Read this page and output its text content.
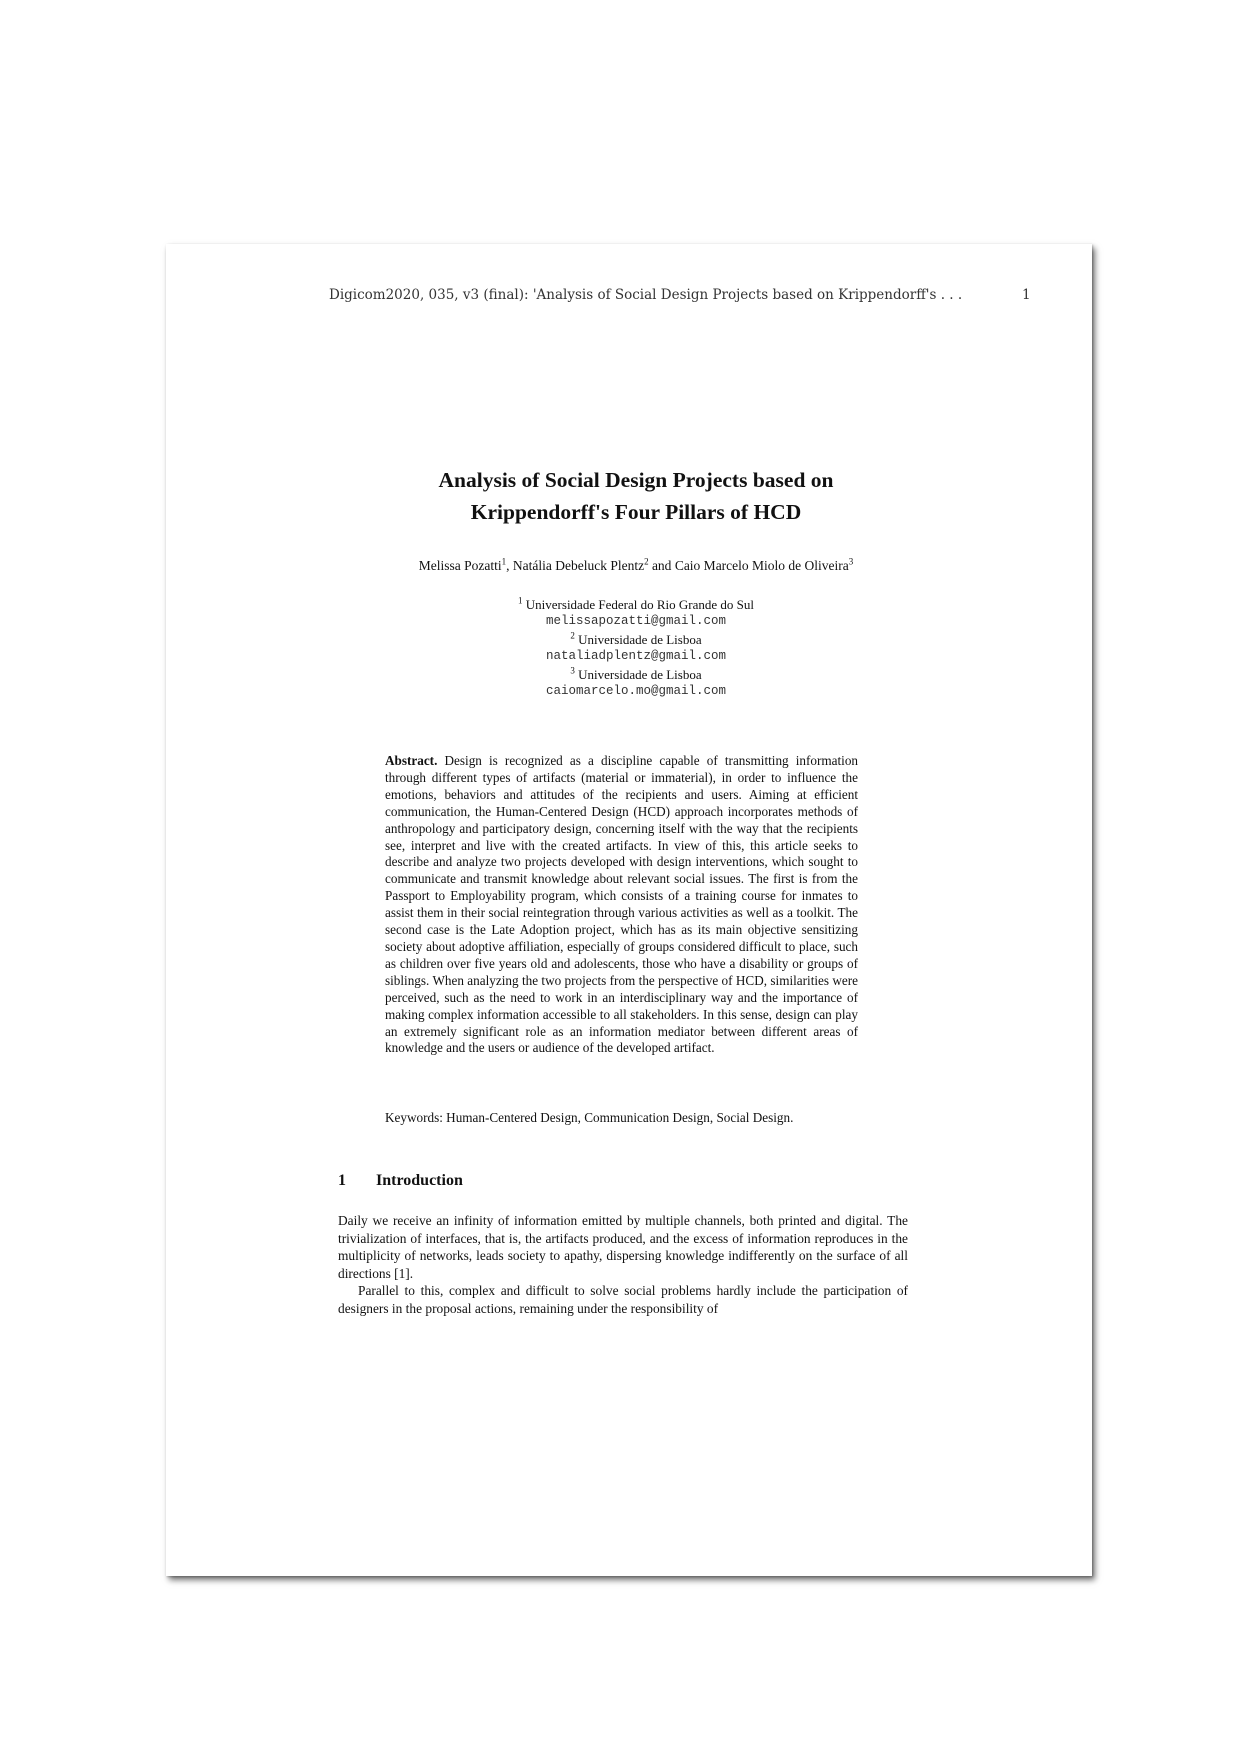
Digicom2020, 035, v3 (final): 'Analysis of Social Design Projects based on Krippendorff's . . .	1
Analysis of Social Design Projects based on
Krippendorff's Four Pillars of HCD
Melissa Pozatti$^1$, Natália Debeluck Plentz$^2$ and Caio Marcelo Miolo de Oliveira$^3$
$^1$ Universidade Federal do Rio Grande do Sul
melissapozatti@gmail.com
$^2$ Universidade de Lisboa
nataliadplentz@gmail.com
$^3$ Universidade de Lisboa
caiomarcelo.mo@gmail.com
Abstract. Design is recognized as a discipline capable of transmitting information through different types of artifacts (material or immaterial), in order to influence the emotions, behaviors and attitudes of the recipients and users. Aiming at efficient communication, the Human-Centered Design (HCD) approach incorporates methods of anthropology and participatory design, concerning itself with the way that the recipients see, interpret and live with the created artifacts. In view of this, this article seeks to describe and analyze two projects developed with design interventions, which sought to communicate and transmit knowledge about relevant social issues. The first is from the Passport to Employability program, which consists of a training course for inmates to assist them in their social reintegration through various activities as well as a toolkit. The second case is the Late Adoption project, which has as its main objective sensitizing society about adoptive affiliation, especially of groups considered difficult to place, such as children over five years old and adolescents, those who have a disability or groups of siblings. When analyzing the two projects from the perspective of HCD, similarities were perceived, such as the need to work in an interdisciplinary way and the importance of making complex information accessible to all stakeholders. In this sense, design can play an extremely significant role as an information mediator between different areas of knowledge and the users or audience of the developed artifact.
Keywords: Human-Centered Design, Communication Design, Social Design.
1 Introduction

Daily we receive an infinity of information emitted by multiple channels, both printed and digital. The trivialization of interfaces, that is, the artifacts produced, and the excess of information reproduces in the multiplicity of networks, leads society to apathy, dispersing knowledge indifferently on the surface of all directions [1].

Parallel to this, complex and difficult to solve social problems hardly include the participation of designers in the proposal actions, remaining under the responsibility of
